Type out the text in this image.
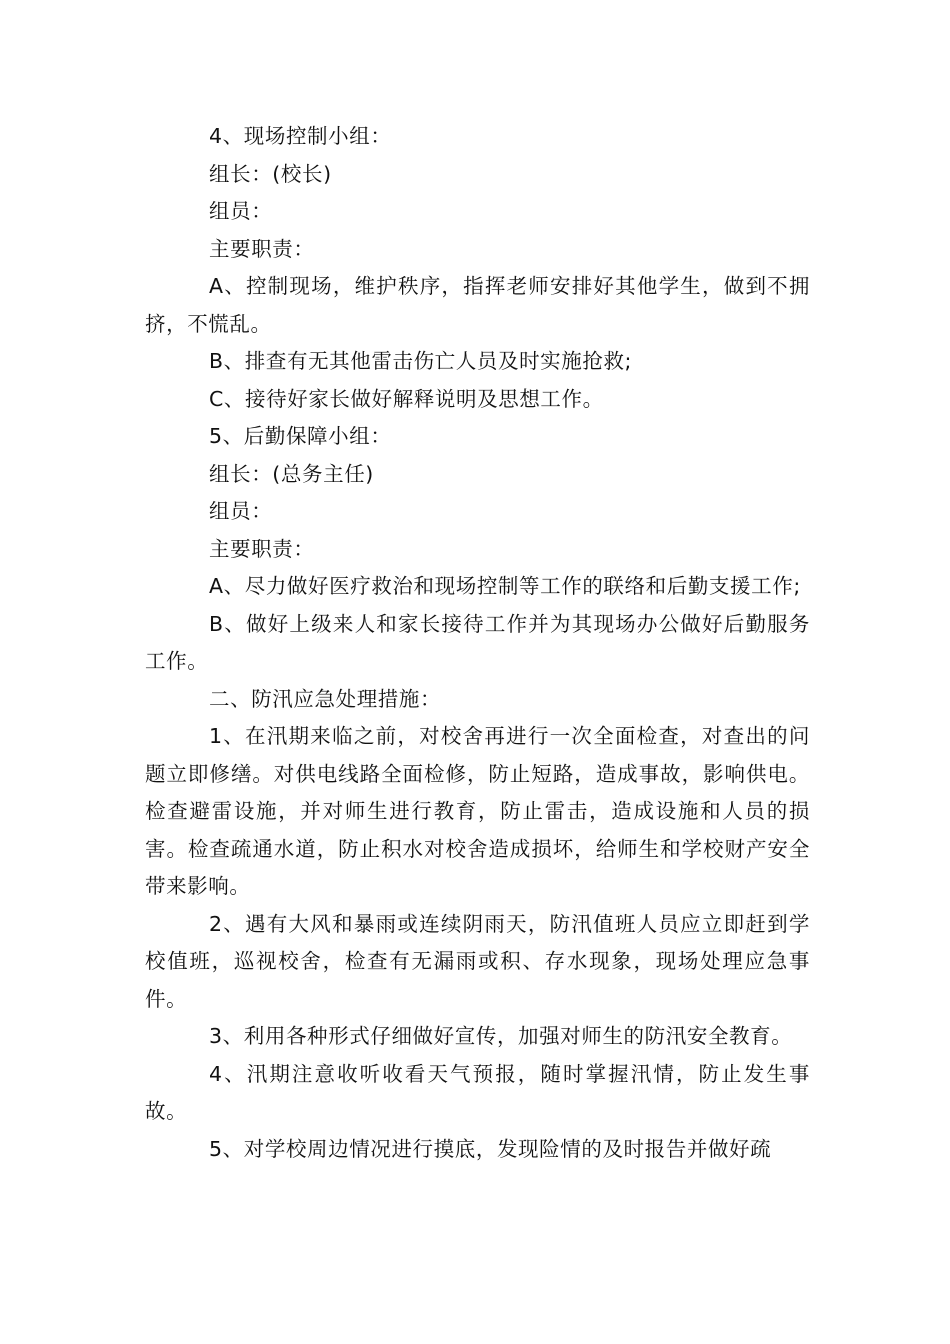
4、现场控制小组：

组长：(校长)

组员：

主要职责：

A、控制现场，维护秩序，指挥老师安排好其他学生，做到不拥挤，不慌乱。

B、排查有无其他雷击伤亡人员及时实施抢救;

C、接待好家长做好解释说明及思想工作。

5、后勤保障小组：

组长：(总务主任)

组员：

主要职责：

A、尽力做好医疗救治和现场控制等工作的联络和后勤支援工作;

B、做好上级来人和家长接待工作并为其现场办公做好后勤服务工作。

二、防汛应急处理措施：

1、在汛期来临之前，对校舍再进行一次全面检查，对查出的问题立即修缮。对供电线路全面检修，防止短路，造成事故，影响供电。检查避雷设施，并对师生进行教育，防止雷击，造成设施和人员的损害。检查疏通水道，防止积水对校舍造成损坏，给师生和学校财产安全带来影响。

2、遇有大风和暴雨或连续阴雨天，防汛值班人员应立即赶到学校值班，巡视校舍，检查有无漏雨或积、存水现象，现场处理应急事件。

3、利用各种形式仔细做好宣传，加强对师生的防汛安全教育。

4、汛期注意收听收看天气预报，随时掌握汛情，防止发生事故。

5、对学校周边情况进行摸底，发现险情的及时报告并做好疏
